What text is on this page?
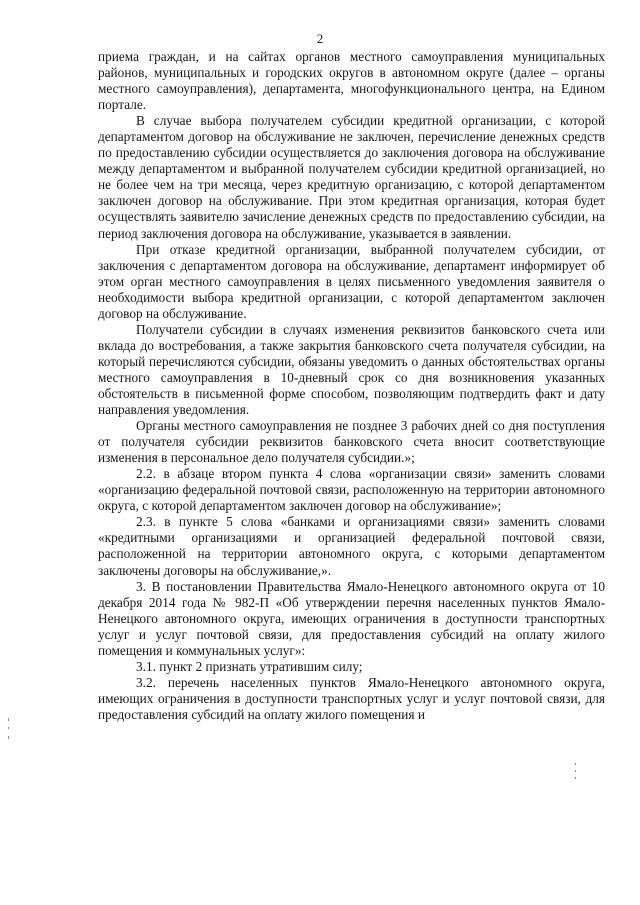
2

приема граждан, и на сайтах органов местного самоуправления муниципальных районов, муниципальных и городских округов в автономном округе (далее – органы местного самоуправления), департамента, многофункционального центра, на Едином портале.

В случае выбора получателем субсидии кредитной организации, с которой департаментом договор на обслуживание не заключен, перечисление денежных средств по предоставлению субсидии осуществляется до заключения договора на обслуживание между департаментом и выбранной получателем субсидии кредитной организацией, но не более чем на три месяца, через кредитную организацию, с которой департаментом заключен договор на обслуживание. При этом кредитная организация, которая будет осуществлять заявителю зачисление денежных средств по предоставлению субсидии, на период заключения договора на обслуживание, указывается в заявлении.

При отказе кредитной организации, выбранной получателем субсидии, от заключения с департаментом договора на обслуживание, департамент информирует об этом орган местного самоуправления в целях письменного уведомления заявителя о необходимости выбора кредитной организации, с которой департаментом заключен договор на обслуживание.

Получатели субсидии в случаях изменения реквизитов банковского счета или вклада до востребования, а также закрытия банковского счета получателя субсидии, на который перечисляются субсидии, обязаны уведомить о данных обстоятельствах органы местного самоуправления в 10-дневный срок со дня возникновения указанных обстоятельств в письменной форме способом, позволяющим подтвердить факт и дату направления уведомления.

Органы местного самоуправления не позднее 3 рабочих дней со дня поступления от получателя субсидии реквизитов банковского счета вносит соответствующие изменения в персональное дело получателя субсидии.»;

2.2. в абзаце втором пункта 4 слова «организации связи» заменить словами «организацию федеральной почтовой связи, расположенную на территории автономного округа, с которой департаментом заключен договор на обслуживание»;

2.3. в пункте 5 слова «банками и организациями связи» заменить словами «кредитными организациями и организацией федеральной почтовой связи, расположенной на территории автономного округа, с которыми департаментом заключены договоры на обслуживание,».

3. В постановлении Правительства Ямало-Ненецкого автономного округа от 10 декабря 2014 года № 982-П «Об утверждении перечня населенных пунктов Ямало-Ненецкого автономного округа, имеющих ограничения в доступности транспортных услуг и услуг почтовой связи, для предоставления субсидий на оплату жилого помещения и коммунальных услуг»:

3.1. пункт 2 признать утратившим силу;

3.2. перечень населенных пунктов Ямало-Ненецкого автономного округа, имеющих ограничения в доступности транспортных услуг и услуг почтовой связи, для предоставления субсидий на оплату жилого помещения и
